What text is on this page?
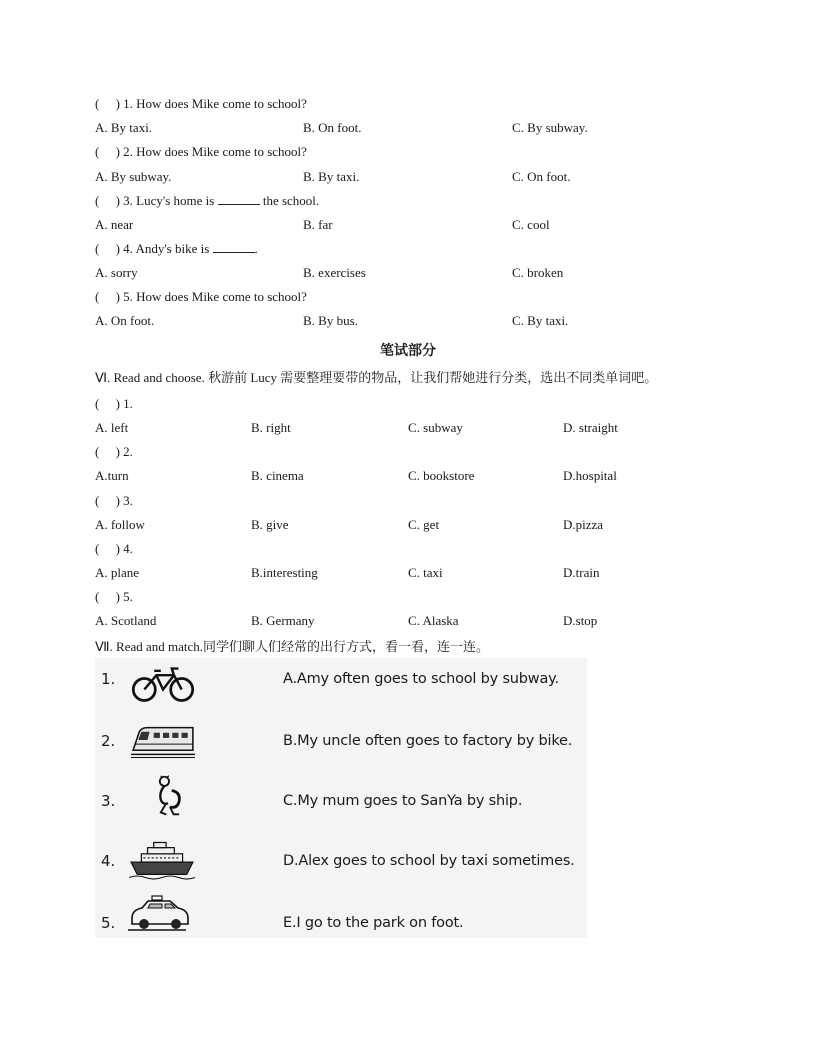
(　 ) 1. How does Mike come to school?
A. By taxi.	B. On foot.	C. By subway.
(　 ) 2. How does Mike come to school?
A. By subway.	B. By taxi.	C. On foot.
(　 ) 3. Lucy's home is	the school.
A. near	B. far	C. cool
(　 ) 4. Andy's bike is	.
A. sorry	B. exercises	C. broken
(　 ) 5. How does Mike come to school?
A. On foot.	B. By bus.	C. By taxi.
笔试部分
Ⅵ. Read and choose. 秋游前 Lucy 需要整理要带的物品，让我们帮她进行分类，选出不同类单词吧。
(　 ) 1.
A. left	B. right	C. subway	D. straight
(　 ) 2.
A.turn	B. cinema	C. bookstore	D.hospital
(　 ) 3.
A. follow	B. give	C. get	D.pizza
(　 ) 4.
A. plane	B.interesting	C. taxi	D.train
(　 ) 5.
A. Scotland	B. Germany	C. Alaska	D.stop
Ⅶ. Read and match.同学们聊人们经常的出行方式，看一看，连一连。
1.	A.Amy often goes to school by subway.
2.	B.My uncle often goes to factory by bike.
3.	C.My mum goes to SanYa by ship.
4.	D.Alex goes to school by taxi sometimes.
5.	E.I go to the park on foot.
